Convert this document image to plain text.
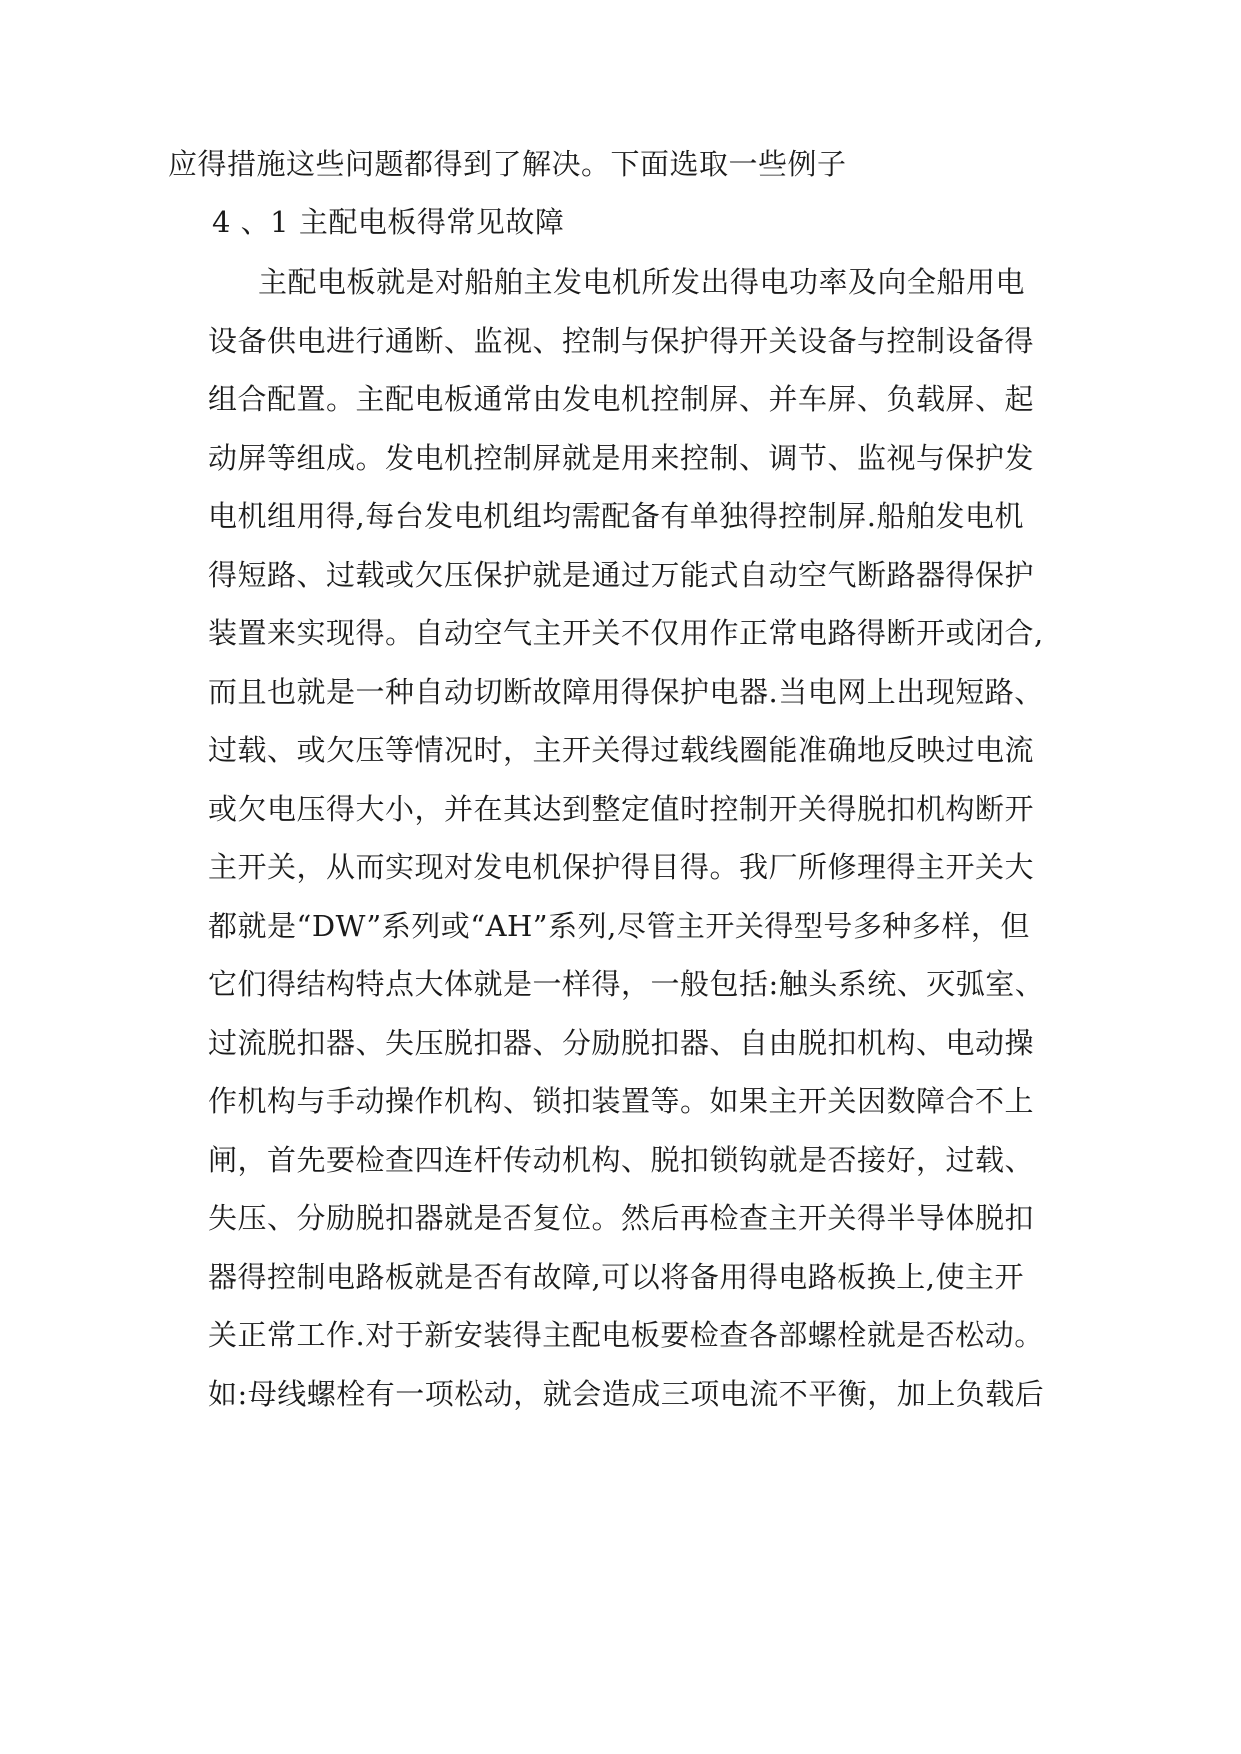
应得措施这些问题都得到了解决。下面选取一些例子
4 、1 主配电板得常见故障
主配电板就是对船舶主发电机所发出得电功率及向全船用电
设备供电进行通断、监视、控制与保护得开关设备与控制设备得
组合配置。主配电板通常由发电机控制屏、并车屏、负载屏、起
动屏等组成。发电机控制屏就是用来控制、调节、监视与保护发
电机组用得,每台发电机组均需配备有单独得控制屏.船舶发电机
得短路、过载或欠压保护就是通过万能式自动空气断路器得保护
装置来实现得。自动空气主开关不仅用作正常电路得断开或闭合,
而且也就是一种自动切断故障用得保护电器.当电网上出现短路、
过载、或欠压等情况时，主开关得过载线圈能准确地反映过电流
或欠电压得大小，并在其达到整定值时控制开关得脱扣机构断开
主开关，从而实现对发电机保护得目得。我厂所修理得主开关大
都就是“DW”系列或“AH”系列,尽管主开关得型号多种多样，但
它们得结构特点大体就是一样得，一般包括:触头系统、灭弧室、
过流脱扣器、失压脱扣器、分励脱扣器、自由脱扣机构、电动操
作机构与手动操作机构、锁扣装置等。如果主开关因数障合不上
闸，首先要检查四连杆传动机构、脱扣锁钩就是否接好，过载、
失压、分励脱扣器就是否复位。然后再检查主开关得半导体脱扣
器得控制电路板就是否有故障,可以将备用得电路板换上,使主开
关正常工作.对于新安装得主配电板要检查各部螺栓就是否松动。
如:母线螺栓有一项松动，就会造成三项电流不平衡，加上负载后
